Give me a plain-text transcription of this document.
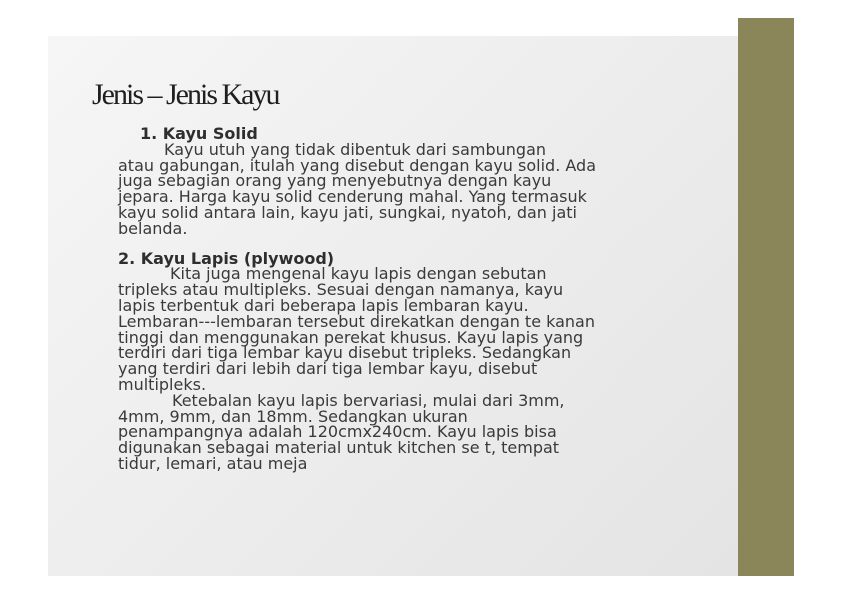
Jenis – Jenis Kayu
1. Kayu Solid
Kayu utuh yang tidak dibentuk dari sambungan
atau gabungan, itulah yang disebut dengan kayu solid. Ada
juga sebagian orang yang menyebutnya dengan kayu
jepara. Harga kayu solid cenderung mahal. Yang termasuk
kayu solid antara lain, kayu jati, sungkai, nyatoh, dan jati
belanda.
2. Kayu Lapis (plywood)
Kita juga mengenal kayu lapis dengan sebutan
tripleks atau multipleks. Sesuai dengan namanya, kayu
lapis terbentuk dari beberapa lapis lembaran kayu.
Lembaran---lembaran tersebut direkatkan dengan te kanan
tinggi dan menggunakan perekat khusus. Kayu lapis yang
terdiri dari tiga lembar kayu disebut tripleks. Sedangkan
yang terdiri dari lebih dari tiga lembar kayu, disebut
multipleks.
Ketebalan kayu lapis bervariasi, mulai dari 3mm,
4mm, 9mm, dan 18mm. Sedangkan ukuran
penampangnya adalah 120cmx240cm. Kayu lapis bisa
digunakan sebagai material untuk kitchen se t, tempat
tidur, lemari, atau meja
